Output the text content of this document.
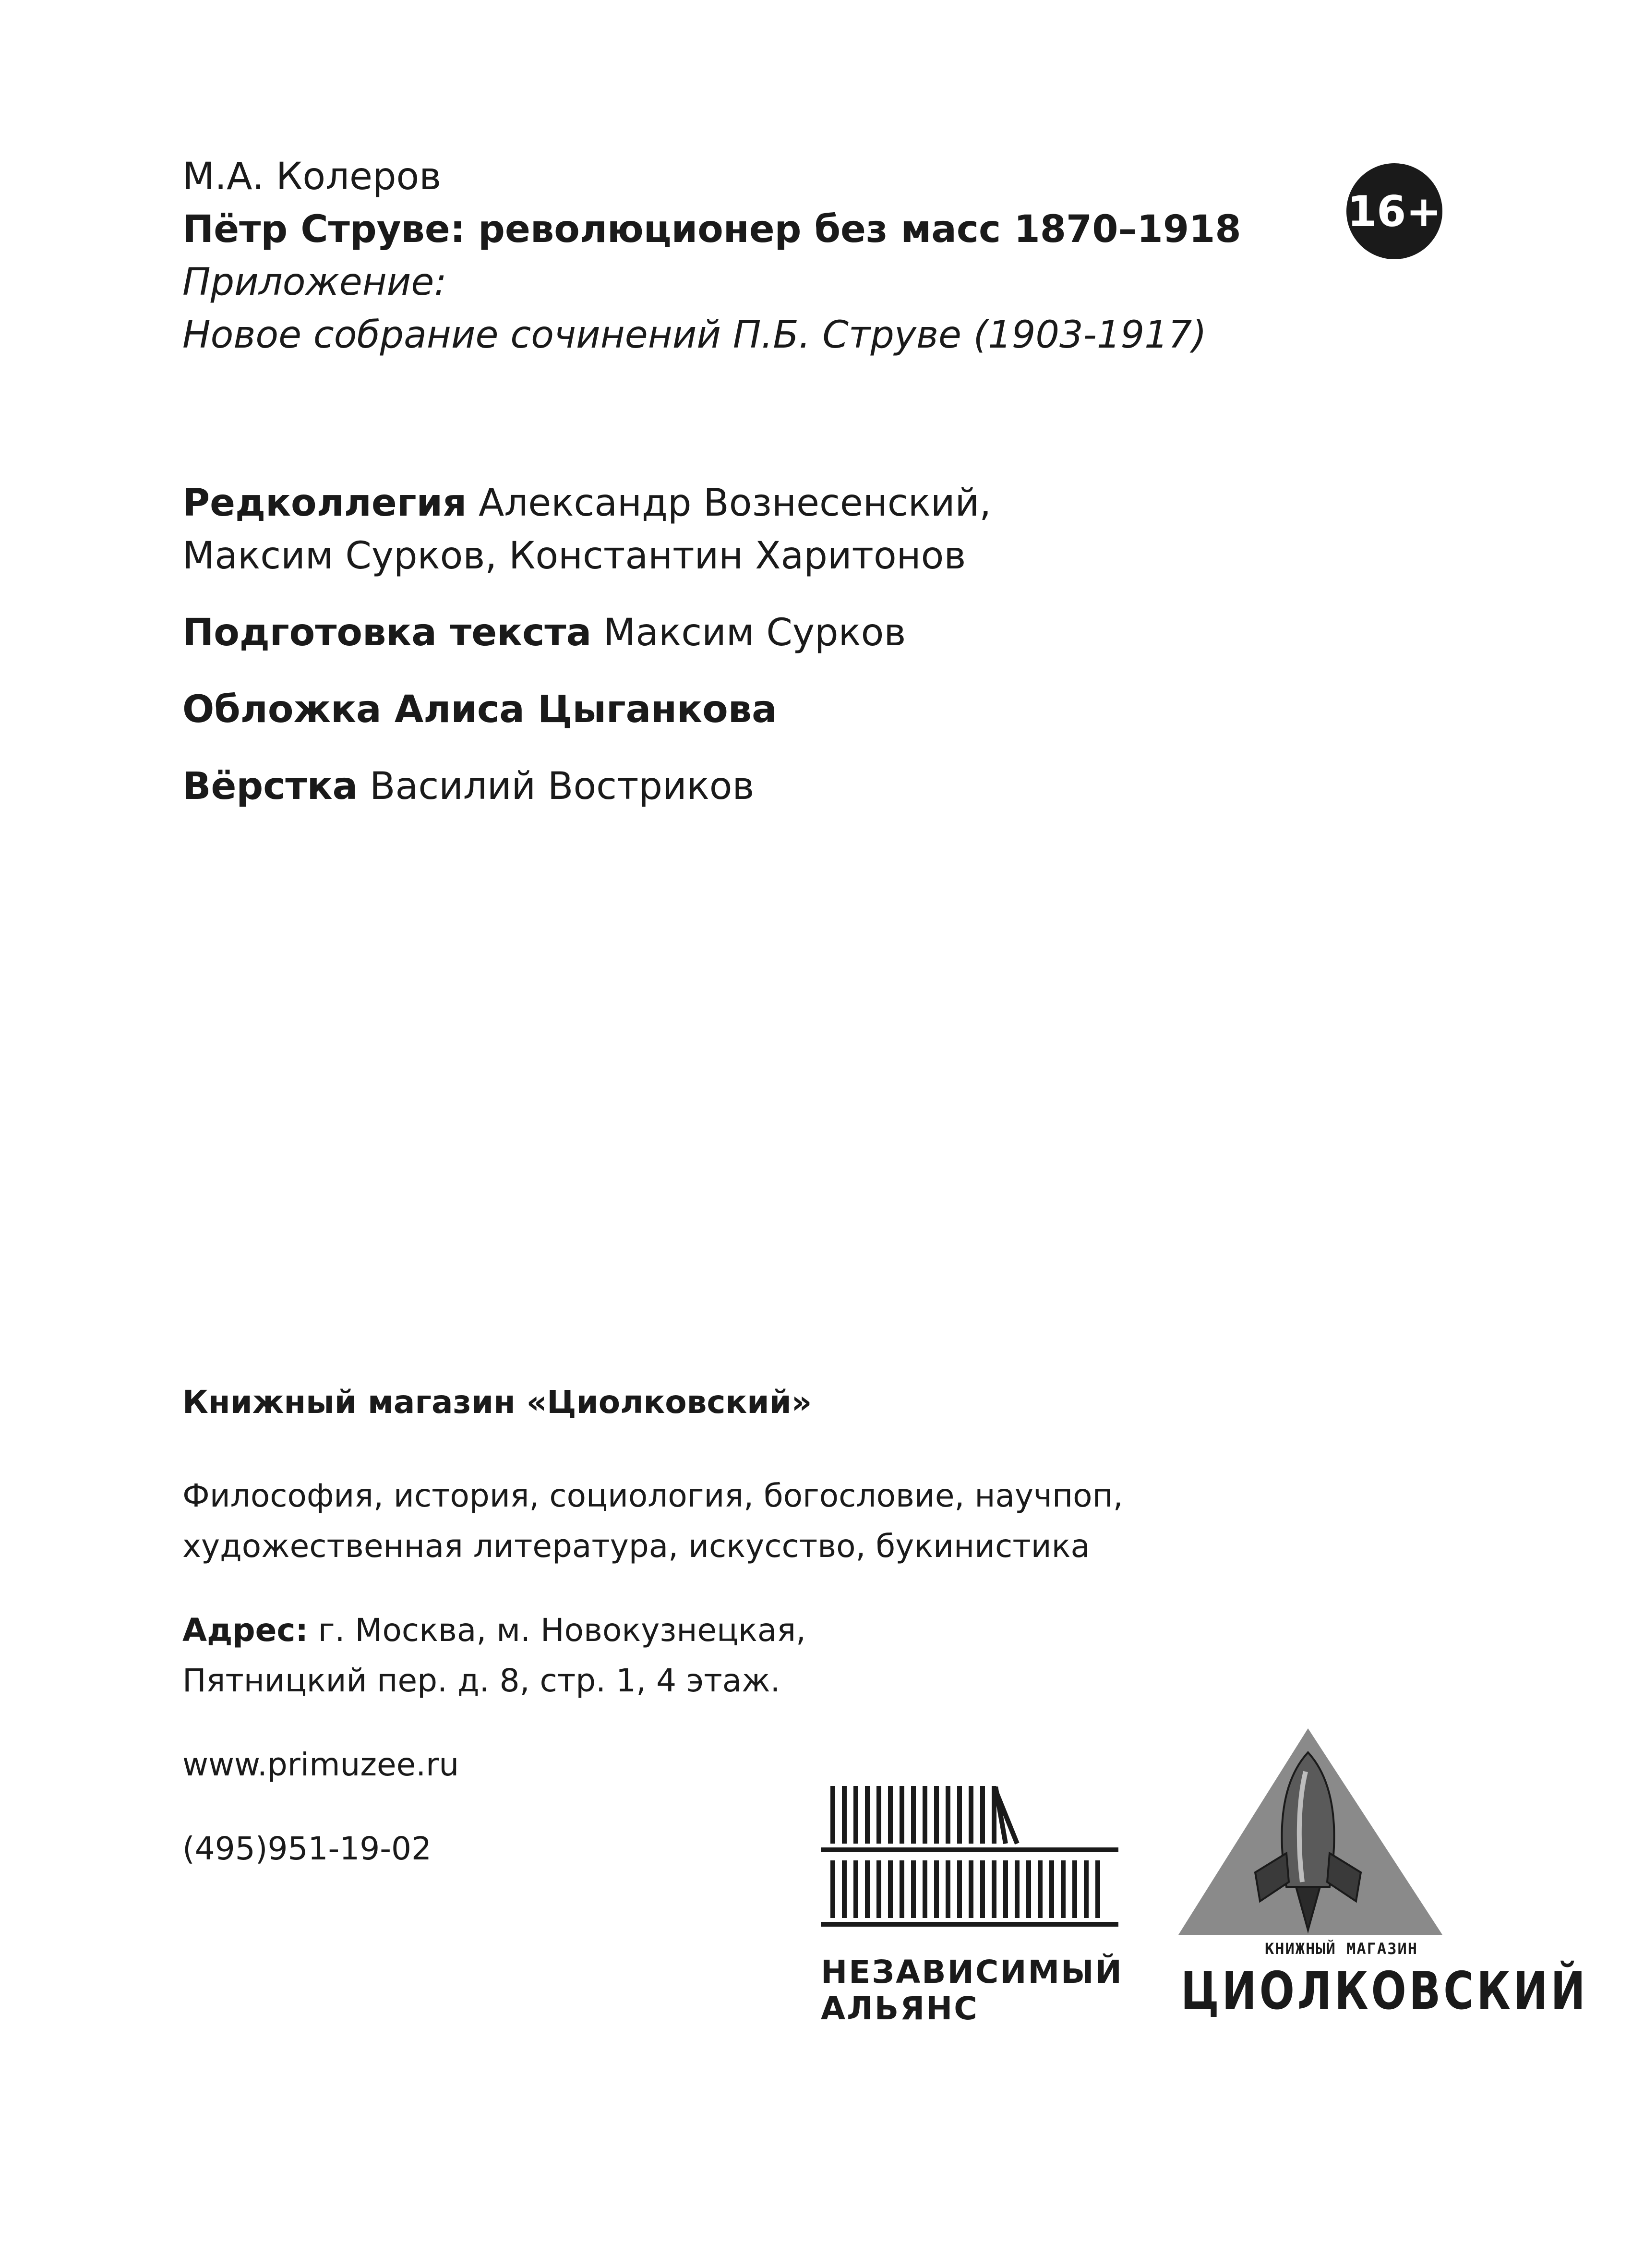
М.А. Колеров
Пётр Струве: революционер без масс 1870–1918
Приложение:
Новое собрание сочинений П.Б. Струве (1903-1917)
16+
Редколлегия Александр Вознесенский,
Максим Сурков, Константин Харитонов
Подготовка текста Максим Сурков
Обложка Алиса Цыганкова
Вёрстка Василий Востриков
Книжный магазин «Циолковский»
Философия, история, социология, богословие, научпоп,
художественная литература, искусство, букинистика
Адрес: г. Москва, м. Новокузнецкая,
Пятницкий пер. д. 8, стр. 1, 4 этаж.
www.primuzee.ru
(495)951-19-02
НЕЗАВИСИМЫЙ
АЛЬЯНС
КНИЖНЫЙ МАГАЗИН
ЦИОЛКОВСКИЙ
